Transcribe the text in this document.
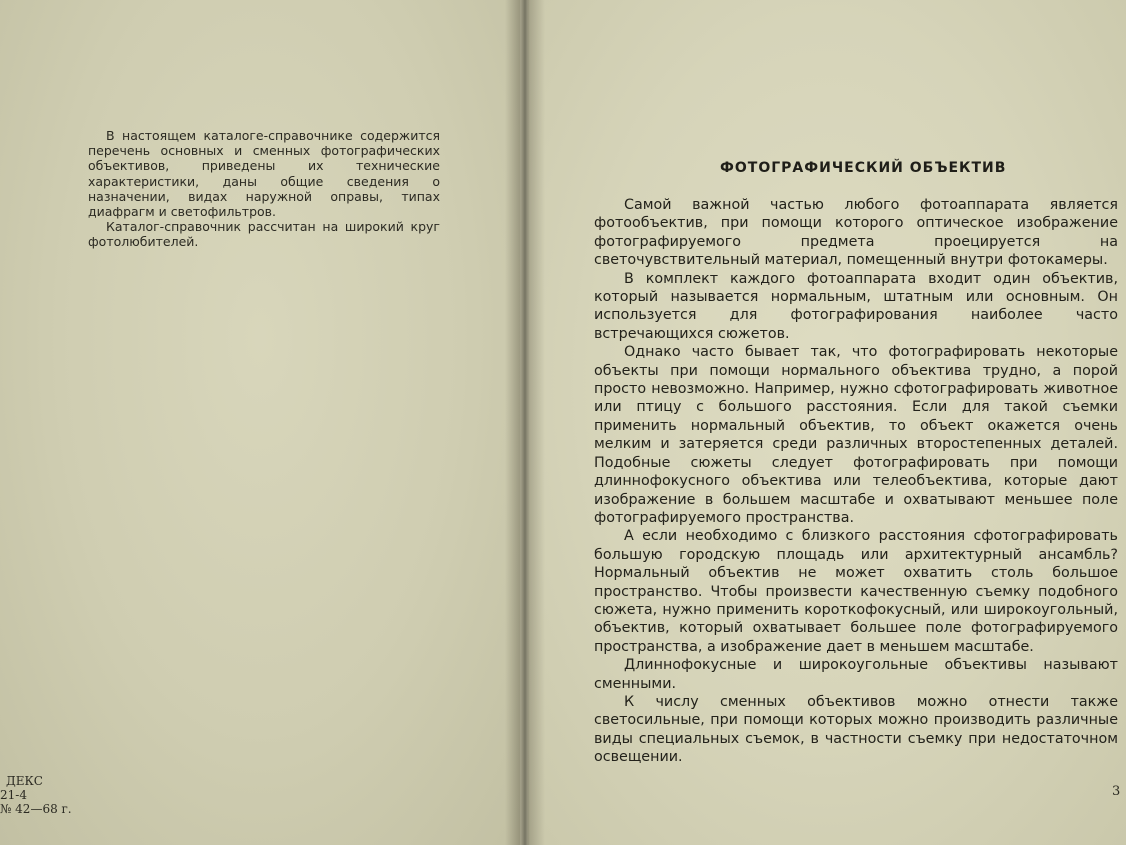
В настоящем каталоге-справочнике содержится перечень основных и сменных фотографических объективов, приведены их технические характеристики, даны общие сведения о назначении, видах наружной оправы, типах диафрагм и светофильтров.

Каталог-справочник рассчитан на широкий круг фотолюбителей.

ДЕКС
21-4
№ 42—68 г.
ФОТОГРАФИЧЕСКИЙ ОБЪЕКТИВ

Самой важной частью любого фотоаппарата является фотообъектив, при помощи которого оптическое изображение фотографируемого предмета проецируется на светочувствительный материал, помещенный внутри фотокамеры.

В комплект каждого фотоаппарата входит один объектив, который называется нормальным, штатным или основным. Он используется для фотографирования наиболее часто встречающихся сюжетов.

Однако часто бывает так, что фотографировать некоторые объекты при помощи нормального объектива трудно, а порой просто невозможно. Например, нужно сфотографировать животное или птицу с большого расстояния. Если для такой съемки применить нормальный объектив, то объект окажется очень мелким и затеряется среди различных второстепенных деталей. Подобные сюжеты следует фотографировать при помощи длиннофокусного объектива или телеобъектива, которые дают изображение в большем масштабе и охватывают меньшее поле фотографируемого пространства.

А если необходимо с близкого расстояния сфотографировать большую городскую площадь или архитектурный ансамбль? Нормальный объектив не может охватить столь большое пространство. Чтобы произвести качественную съемку подобного сюжета, нужно применить короткофокусный, или широкоугольный, объектив, который охватывает большее поле фотографируемого пространства, а изображение дает в меньшем масштабе.

Длиннофокусные и широкоугольные объективы называют сменными.

К числу сменных объективов можно отнести также светосильные, при помощи которых можно производить различные виды специальных съемок, в частности съемку при недостаточном освещении.

3
